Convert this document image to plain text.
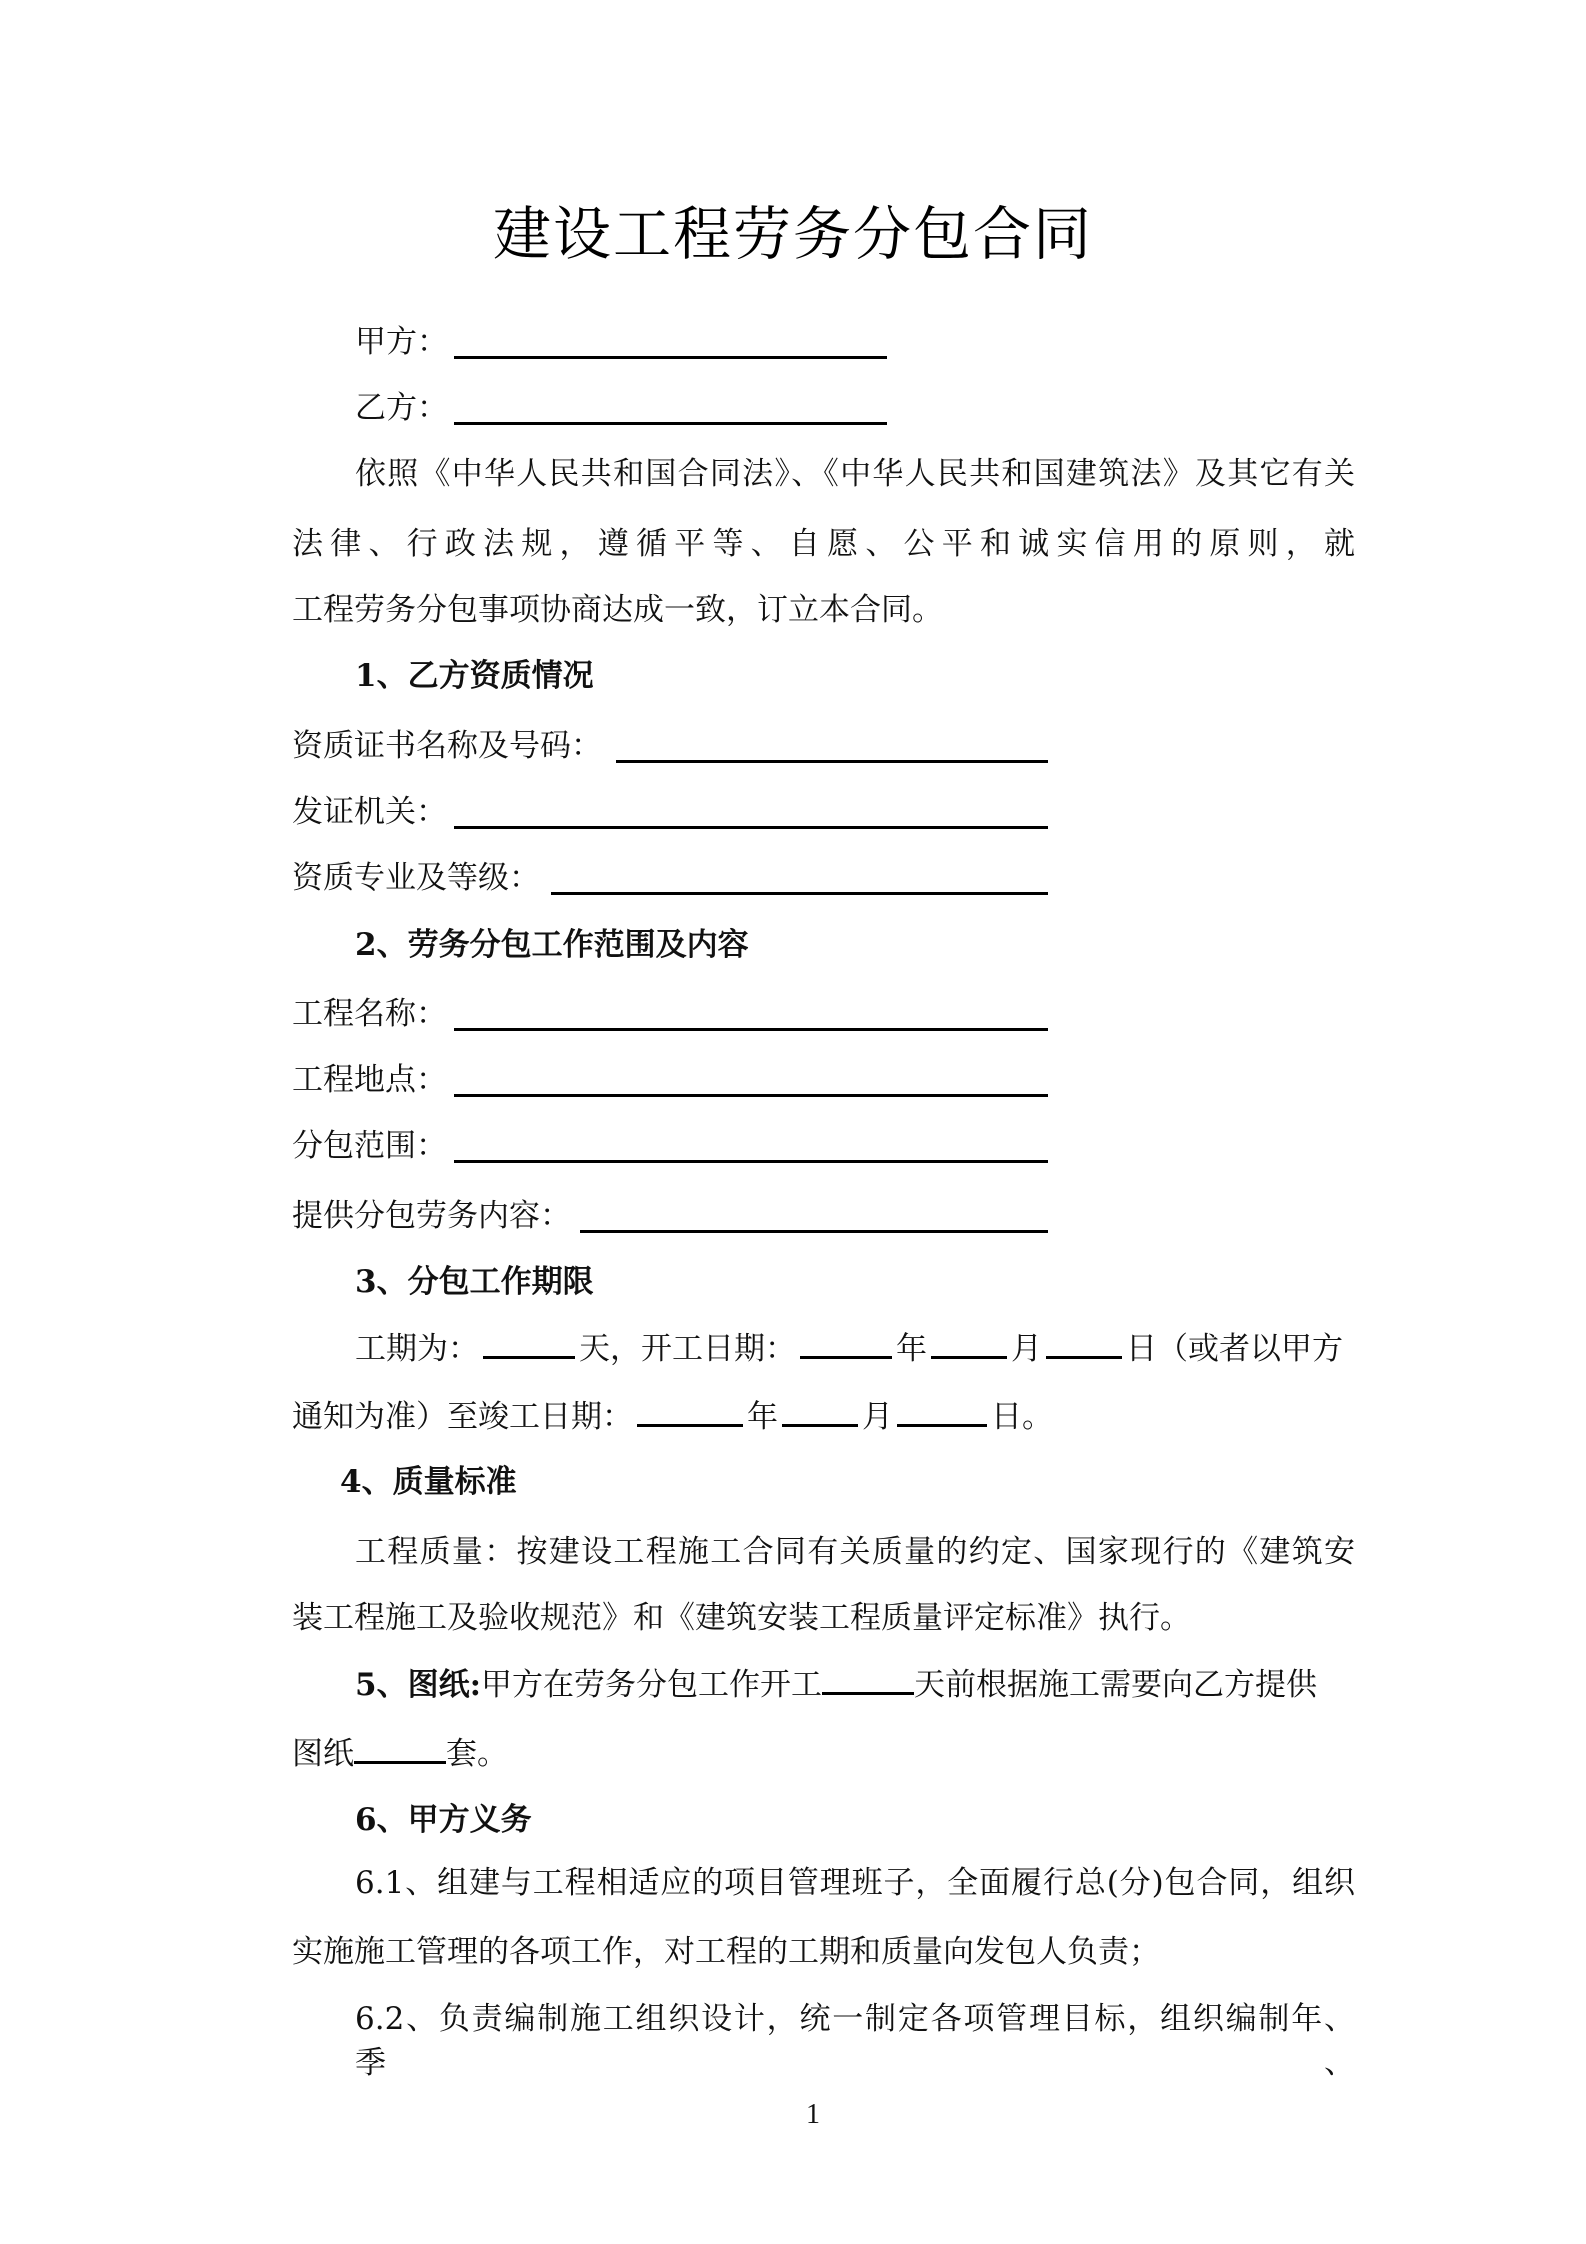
建设工程劳务分包合同
甲方：
乙方：
依照《中华人民共和国合同法》、《中华人民共和国建筑法》及其它有关
法律、行政法规，遵循平等、自愿、公平和诚实信用的原则，就
工程劳务分包事项协商达成一致，订立本合同。
1、乙方资质情况
资质证书名称及号码：
发证机关：
资质专业及等级：
2、劳务分包工作范围及内容
工程名称：
工程地点：
分包范围：
提供分包劳务内容：
3、分包工作期限
工期为：	天，开工日期：	年	月	日（或者以甲方
通知为准）至竣工日期：	年	月	日。
4、质量标准
工程质量：按建设工程施工合同有关质量的约定、国家现行的《建筑安
装工程施工及验收规范》和《建筑安装工程质量评定标准》执行。
5、图纸:甲方在劳务分包工作开工	天前根据施工需要向乙方提供
图纸	套。
6、甲方义务
6.1、组建与工程相适应的项目管理班子，全面履行总(分)包合同，组织
实施施工管理的各项工作，对工程的工期和质量向发包人负责；
6.2、负责编制施工组织设计，统一制定各项管理目标，组织编制年、季、
1
